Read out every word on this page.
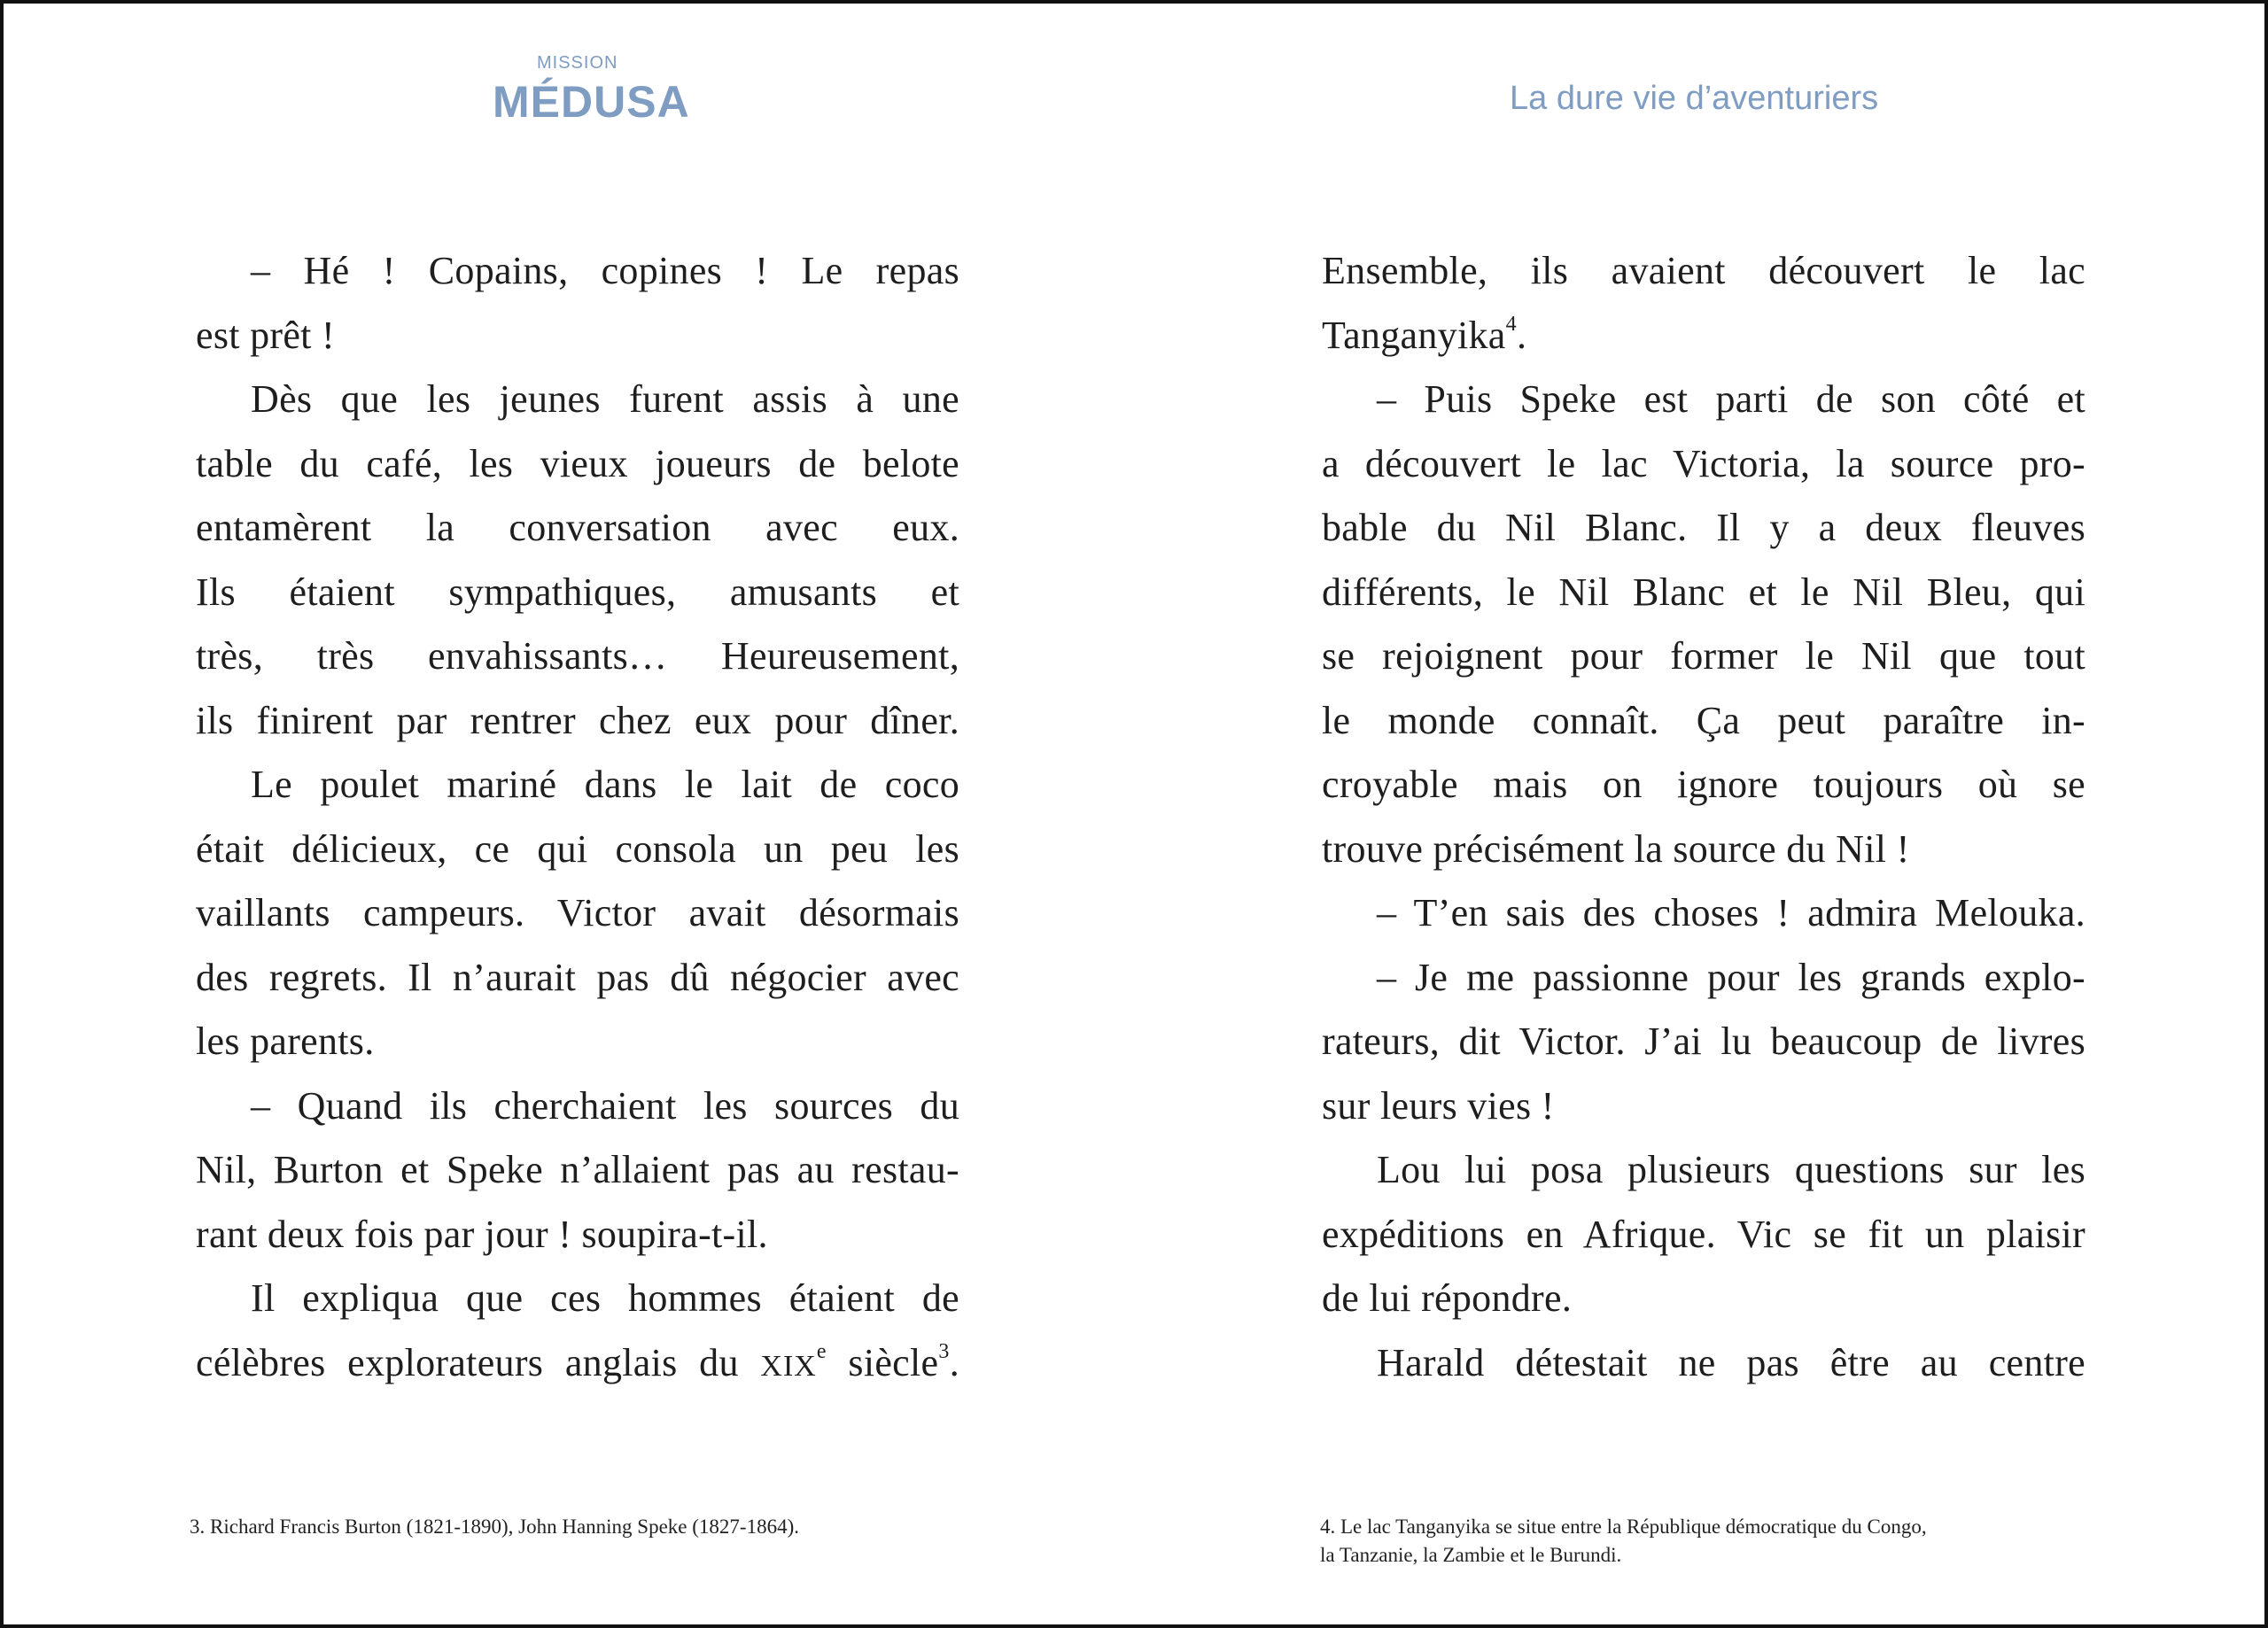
MISSION
MÉDUSA	La dure vie d’aventuriers
– Hé ! Copains, copines ! Le repas
est prêt !
Dès que les jeunes furent assis à une
table du café, les vieux joueurs de belote
entamèrent la conversation avec eux.
Ils étaient sympathiques, amusants et
très, très envahissants… Heureusement,
ils finirent par rentrer chez eux pour dîner.
Le poulet mariné dans le lait de coco
était délicieux, ce qui consola un peu les
vaillants campeurs. Victor avait désormais
des regrets. Il n’aurait pas dû négocier avec
les parents.
– Quand ils cherchaient les sources du
Nil, Burton et Speke n’allaient pas au restau-
rant deux fois par jour ! soupira-t-il.
Il expliqua que ces hommes étaient de
célèbres explorateurs anglais du XIXe siècle$^3$.
Ensemble, ils avaient découvert le lac
Tanganyika$^4$.
– Puis Speke est parti de son côté et
a découvert le lac Victoria, la source pro-
bable du Nil Blanc. Il y a deux fleuves
différents, le Nil Blanc et le Nil Bleu, qui
se rejoignent pour former le Nil que tout
le monde connaît. Ça peut paraître in-
croyable mais on ignore toujours où se
trouve précisément la source du Nil !
– T’en sais des choses ! admira Melouka.
– Je me passionne pour les grands explo-
rateurs, dit Victor. J’ai lu beaucoup de livres
sur leurs vies !
Lou lui posa plusieurs questions sur les
expéditions en Afrique. Vic se fit un plaisir
de lui répondre.
Harald détestait ne pas être au centre
3. Richard Francis Burton (1821-1890), John Hanning Speke (1827-1864).	4. Le lac Tanganyika se situe entre la République démocratique du Congo,
la Tanzanie, la Zambie et le Burundi.
